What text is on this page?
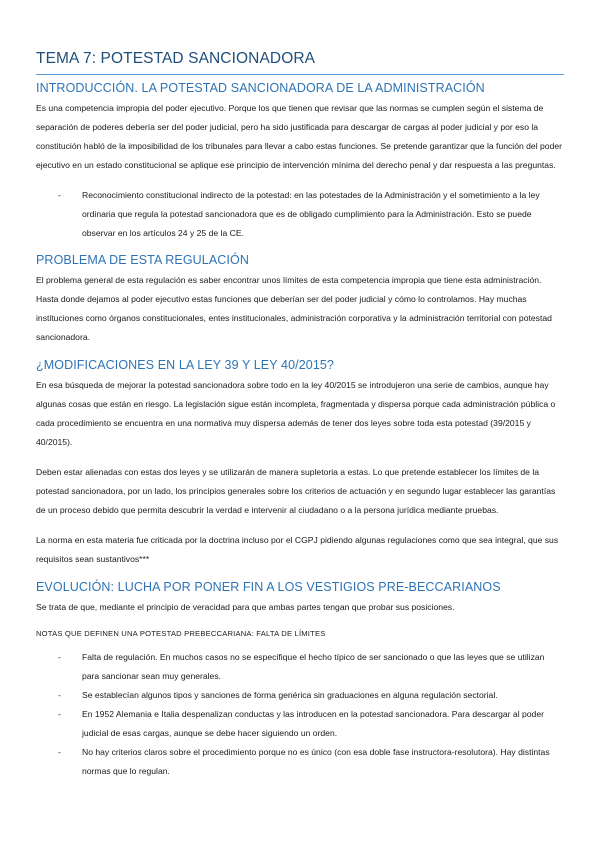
TEMA 7: POTESTAD SANCIONADORA
INTRODUCCIÓN. LA POTESTAD SANCIONADORA DE LA ADMINISTRACIÓN

Es una competencia impropia del poder ejecutivo. Porque los que tienen que revisar que las normas se cumplen según el sistema de separación de poderes debería ser del poder judicial, pero ha sido justificada para descargar de cargas al poder judicial y por eso la constitución habló de la imposibilidad de los tribunales para llevar a cabo estas funciones. Se pretende garantizar que la función del poder ejecutivo en un estado constitucional se aplique ese principio de intervención mínima del derecho penal y dar respuesta a las preguntas.

- Reconocimiento constitucional indirecto de la potestad: en las potestades de la Administración y el sometimiento a la ley ordinaria que regula la potestad sancionadora que es de obligado cumplimiento para la Administración. Esto se puede observar en los artículos 24 y 25 de la CE.
PROBLEMA DE ESTA REGULACIÓN

El problema general de esta regulación es saber encontrar unos límites de esta competencia impropia que tiene esta administración. Hasta donde dejamos al poder ejecutivo estas funciones que deberían ser del poder judicial y cómo lo controlamos. Hay muchas instituciones como órganos constitucionales, entes institucionales, administración corporativa y la administración territorial con potestad sancionadora.

¿MODIFICACIONES EN LA LEY 39 Y LEY 40/2015?

En esa búsqueda de mejorar la potestad sancionadora sobre todo en la ley 40/2015 se introdujeron una serie de cambios, aunque hay algunas cosas que están en riesgo. La legislación sigue están incompleta, fragmentada y dispersa porque cada administración pública o cada procedimiento se encuentra en una normativa muy dispersa además de tener dos leyes sobre toda esta potestad (39/2015 y 40/2015).

Deben estar alienadas con estas dos leyes y se utilizarán de manera supletoria a estas. Lo que pretende establecer los límites de la potestad sancionadora, por un lado, los principios generales sobre los criterios de actuación y en segundo lugar establecer las garantías de un proceso debido que permita descubrir la verdad e intervenir al ciudadano o a la persona jurídica mediante pruebas.

La norma en esta materia fue criticada por la doctrina incluso por el CGPJ pidiendo algunas regulaciones como que sea integral, que sus requisitos sean sustantivos***

EVOLUCIÓN: LUCHA POR PONER FIN A LOS VESTIGIOS PRE-BECCARIANOS

Se trata de que, mediante el principio de veracidad para que ambas partes tengan que probar sus posiciones.

NOTAS QUE DEFINEN UNA POTESTAD PREBECCARIANA: FALTA DE LÍMITES
- Falta de regulación. En muchos casos no se especifique el hecho típico de ser sancionado o que las leyes que se utilizan para sancionar sean muy generales.
- Se establecían algunos tipos y sanciones de forma genérica sin graduaciones en alguna regulación sectorial.
- En 1952 Alemania e Italia despenalizan conductas y las introducen en la potestad sancionadora. Para descargar al poder judicial de esas cargas, aunque se debe hacer siguiendo un orden.
- No hay criterios claros sobre el procedimiento porque no es único (con esa doble fase instructora-resolutora). Hay distintas normas que lo regulan.
